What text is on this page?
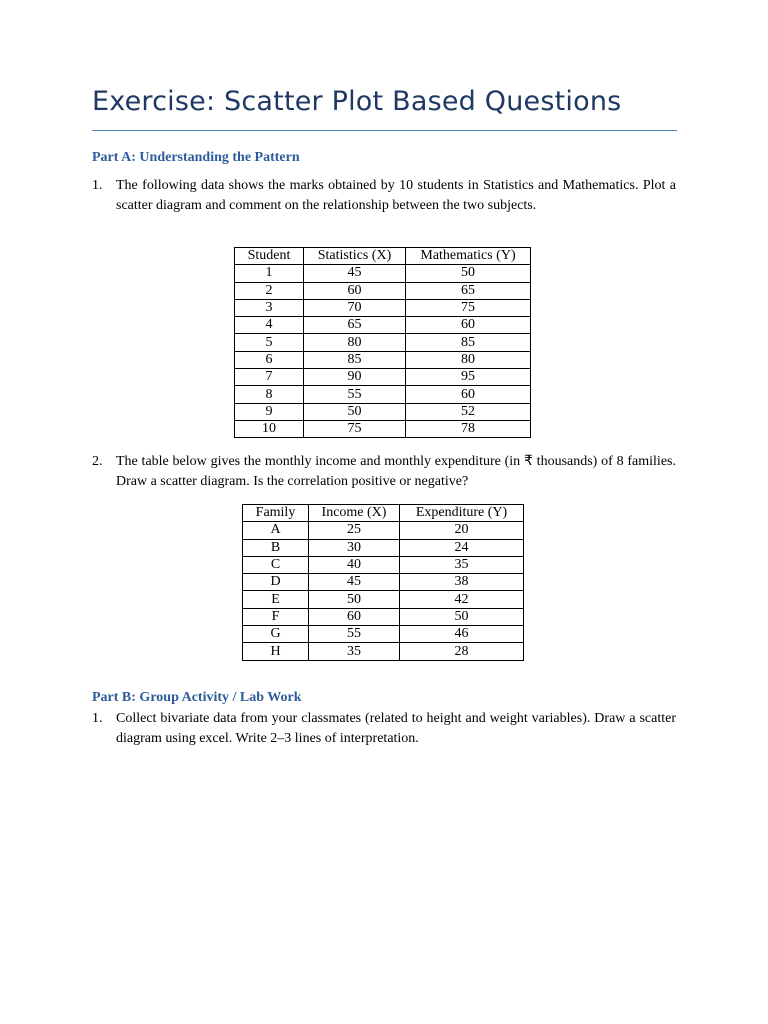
Exercise: Scatter Plot Based Questions
Part A: Understanding the Pattern
1. The following data shows the marks obtained by 10 students in Statistics and Mathematics. Plot a scatter diagram and comment on the relationship between the two subjects.
Student	Statistics (X)	Mathematics (Y)
1	45	50
2	60	65
3	70	75
4	65	60
5	80	85
6	85	80
7	90	95
8	55	60
9	50	52
10	75	78
2. The table below gives the monthly income and monthly expenditure (in ₹ thousands) of 8 families. Draw a scatter diagram. Is the correlation positive or negative?
Family	Income (X)	Expenditure (Y)
A	25	20
B	30	24
C	40	35
D	45	38
E	50	42
F	60	50
G	55	46
H	35	28
Part B: Group Activity / Lab Work
1. Collect bivariate data from your classmates (related to height and weight variables). Draw a scatter diagram using excel. Write 2–3 lines of interpretation.
